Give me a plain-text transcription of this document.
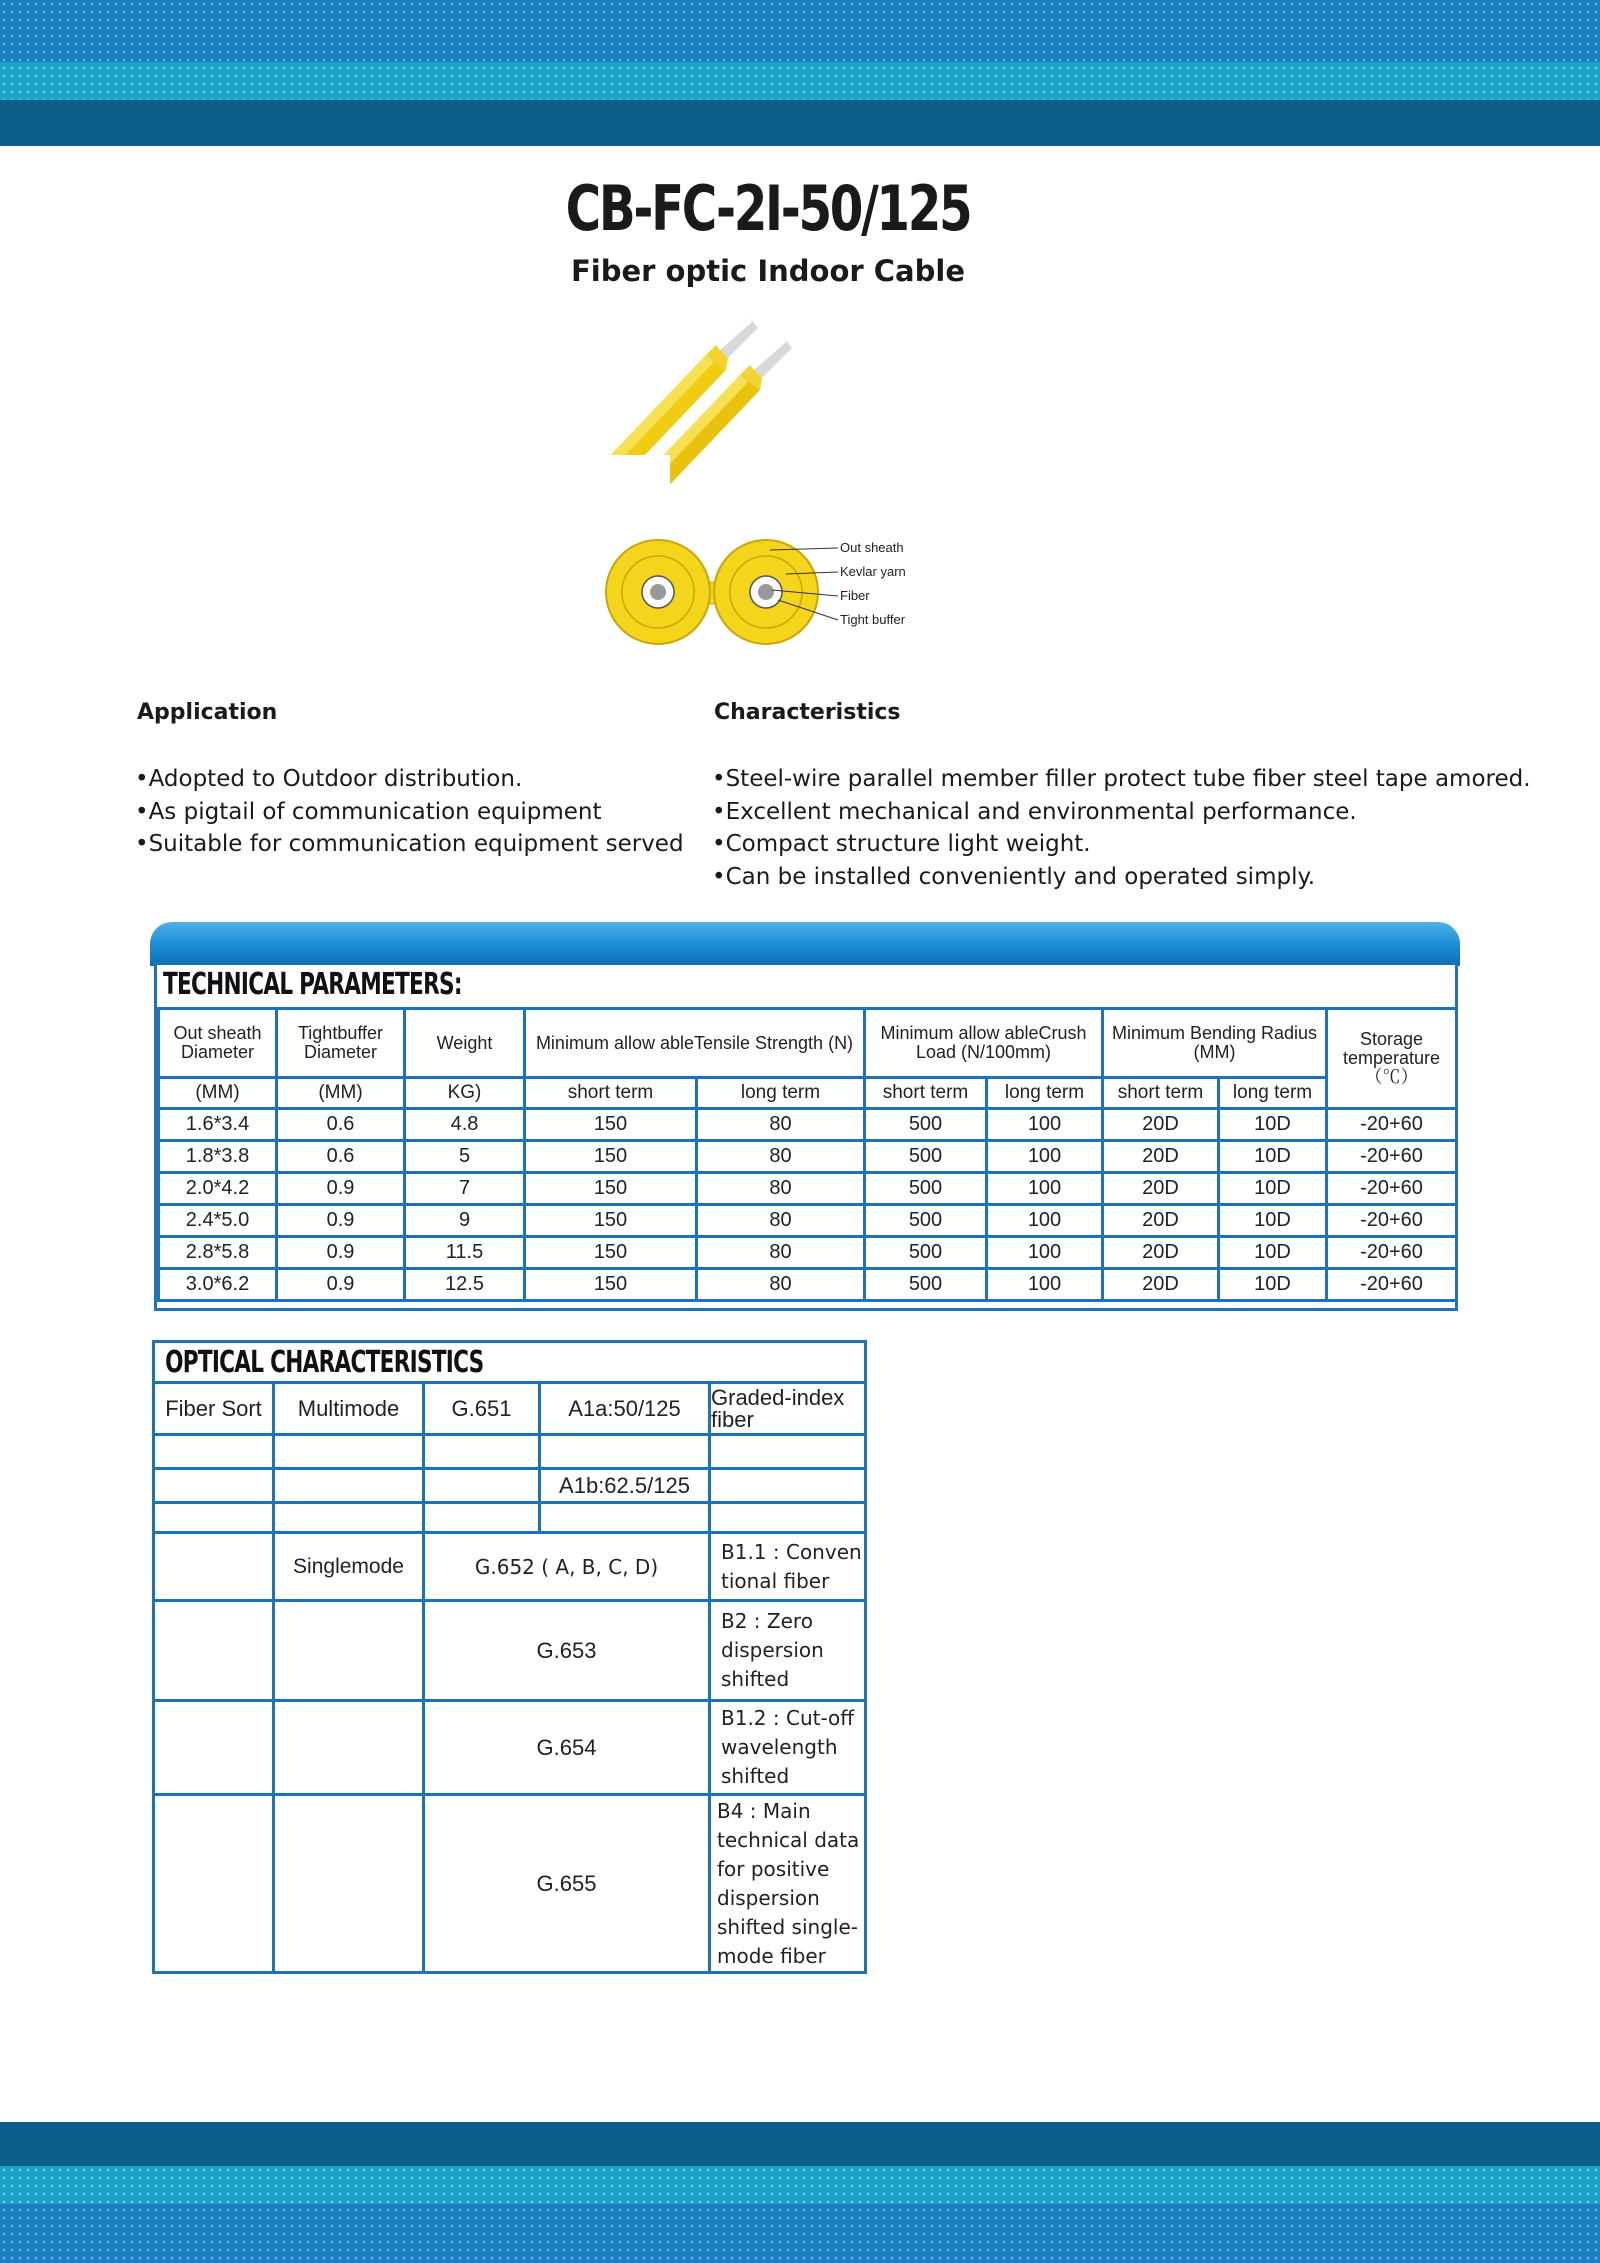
CB-FC-2I-50/125
Fiber optic Indoor Cable
Out sheath
Kevlar yarn
Fiber
Tight buffer
Application
• Adopted to Outdoor distribution.
• As pigtail of communication equipment
• Suitable for communication equipment served
Characteristics
• Steel-wire parallel member filler protect tube fiber steel tape amored.
• Excellent mechanical and environmental performance.
• Compact structure light weight.
• Can be installed conveniently and operated simply.
TECHNICAL PARAMETERS:
Out sheath Diameter	Tightbuffer Diameter	Weight	Minimum allow ableTensile Strength (N)		Minimum allow ableCrush Load (N/100mm)		Minimum Bending Radius (MM)		Storage temperature （℃）
(MM)	(MM)	KG)	short term	long term	short term	long term	short term	long term	
1.6*3.4	0.6	4.8	150	80	500	100	20D	10D	-20+60
1.8*3.8	0.6	5	150	80	500	100	20D	10D	-20+60
2.0*4.2	0.9	7	150	80	500	100	20D	10D	-20+60
2.4*5.0	0.9	9	150	80	500	100	20D	10D	-20+60
2.8*5.8	0.9	11.5	150	80	500	100	20D	10D	-20+60
3.0*6.2	0.9	12.5	150	80	500	100	20D	10D	-20+60
OPTICAL CHARACTERISTICS				
Fiber Sort	Multimode	G.651	A1a:50/125	Graded-index fiber

			A1b:62.5/125	

	Singlemode	G.652 ( A, B, C, D)		B1.1 : Conven tional fiber
		G.653		B2 : Zero dispersion shifted
		G.654		B1.2 : Cut-off wavelength shifted
		G.655		B4 : Main technical data for positive dispersion shifted single-mode fiber
